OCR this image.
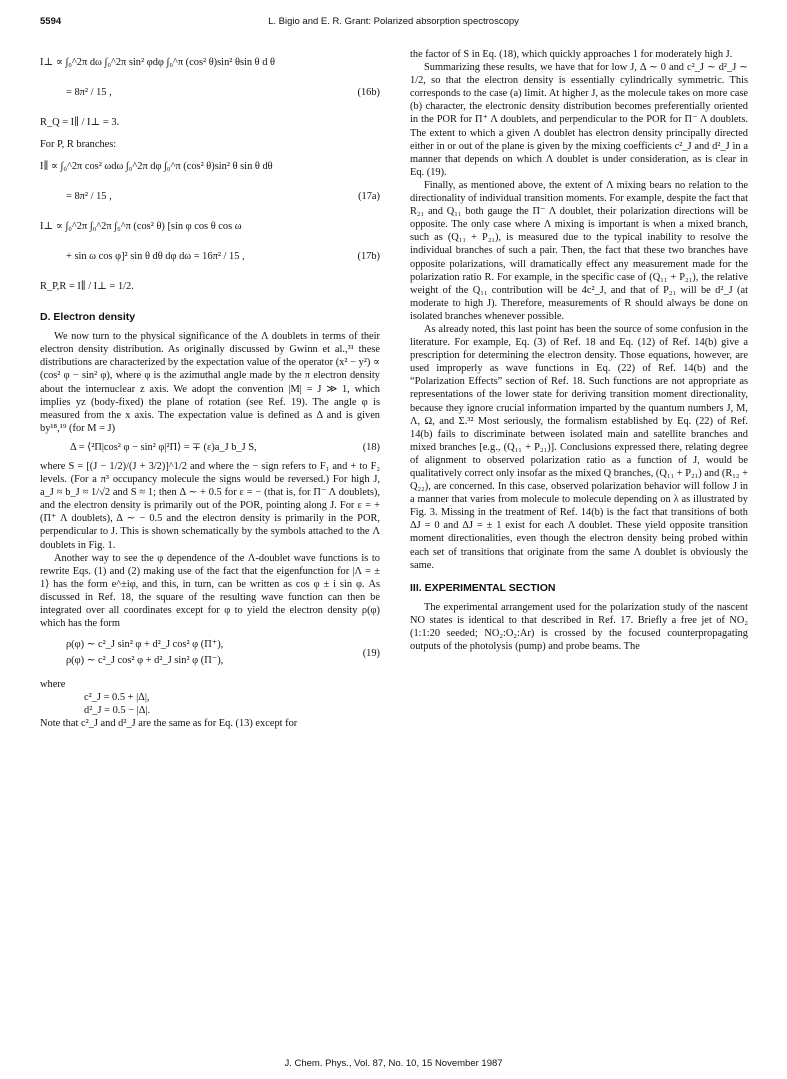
5594	L. Bigio and E. R. Grant: Polarized absorption spectroscopy
I⊥ ∝ ∫₀^2π dω ∫₀^2π sin² φdφ ∫₀^π (cos² θ)sin² θsin θ d θ
= 8π² / 15 ,	(16b)
R_Q = I∥ / I⊥ = 3.

For P, R branches:

I∥ ∝ ∫₀^2π cos² ωdω ∫₀^2π dφ ∫₀^π (cos² θ)sin² θ sin θ dθ
= 8π² / 15 ,	(17a)
I⊥ ∝ ∫₀^2π ∫₀^2π ∫₀^π (cos² θ) [sin φ cos θ cos ω
+ sin ω cos φ]² sin θ dθ dφ dω = 16π² / 15 ,	(17b)
R_P,R = I∥ / I⊥ = 1/2.
D. Electron density

We now turn to the physical significance of the Λ doublets in terms of their electron density distribution. As originally discussed by Gwinn et al.,³¹ these distributions are characterized by the expectation value of the operator (x² − y²) ∝ (cos² φ − sin² φ), where φ is the azimuthal angle made by the π electron density about the internuclear z axis. We adopt the convention |M| = J ≫ 1, which implies yz (body-fixed) the plane of rotation (see Ref. 19). The angle φ is measured from the x axis. The expectation value is defined as Δ and is given by¹⁸,¹⁹ (for M = J)

Δ = ⟨²Π|cos² φ − sin² φ|²Π⟩ = ∓ (ε)a_J b_J S,	(18)

where S = [(J − 1/2)/(J + 3/2)]^1/2 and where the − sign refers to F₁ and + to F₂ levels. (For a π³ occupancy molecule the signs would be reversed.) For high J, a_J ≈ b_J ≈ 1/√2 and S ≈ 1; then Δ ∼ + 0.5 for ε = − (that is, for Π⁻ Λ doublets), and the electron density is primarily out of the POR, pointing along J. For ε = + (Π⁺ Λ doublets), Δ ∼ − 0.5 and the electron density is primarily in the POR, perpendicular to J. This is shown schematically by the symbols attached to the Λ doublets in Fig. 1.

Another way to see the φ dependence of the Λ-doublet wave functions is to rewrite Eqs. (1) and (2) making use of the fact that the eigenfunction for |Λ = ± 1⟩ has the form e^±iφ, and this, in turn, can be written as cos φ ± i sin φ. As discussed in Ref. 18, the square of the resulting wave function can then be integrated over all coordinates except for φ to yield the electron density ρ(φ) which has the form

ρ(φ) ∼ c²_J sin² φ + d²_J cos² φ (Π⁺),
ρ(φ) ∼ c²_J cos² φ + d²_J sin² φ (Π⁻),
(19)

where

c²_J = 0.5 + |Δ|,
d²_J = 0.5 − |Δ|.

Note that c²_J and d²_J are the same as for Eq. (13) except for

the factor of S in Eq. (18), which quickly approaches 1 for moderately high J.

Summarizing these results, we have that for low J, Δ ∼ 0 and c²_J ∼ d²_J ∼ 1/2, so that the electron density is essentially cylindrically symmetric. This corresponds to the case (a) limit. At higher J, as the molecule takes on more case (b) character, the electronic density distribution becomes preferentially oriented in the POR for Π⁺ Λ doublets, and perpendicular to the POR for Π⁻ Λ doublets. The extent to which a given Λ doublet has electron density principally directed either in or out of the plane is given by the mixing coefficients c²_J and d²_J in a manner that depends on which Λ doublet is under consideration, as is clear in Eq. (19).

Finally, as mentioned above, the extent of Λ mixing bears no relation to the directionality of individual transition moments. For example, despite the fact that R₂₁ and Q₁₁ both gauge the Π⁻ Λ doublet, their polarization directions will be opposite. The only case where Λ mixing is important is when a mixed branch, such as (Q₁₁ + P₂₁), is measured due to the typical inability to resolve the individual branches of such a pair. Then, the fact that these two branches have opposite polarizations, will dramatically effect any measurement made for the polarization ratio R. For example, in the specific case of (Q₁₁ + P₂₁), the relative weight of the Q₁₁ contribution will be 4c²_J, and that of P₂₁ will be d²_J (at moderate to high J). Therefore, measurements of R should always be done on isolated branches whenever possible.

As already noted, this last point has been the source of some confusion in the literature. For example, Eq. (3) of Ref. 18 and Eq. (12) of Ref. 14(b) give a prescription for determining the electron density. Those equations, however, are used improperly as wave functions in Eq. (22) of Ref. 14(b) and the “Polarization Effects” section of Ref. 18. Such functions are not appropriate as representations of the lower state for deriving transition moment directionality, because they ignore crucial information imparted by the quantum numbers J, M, Λ, Ω, and Σ.³² Most seriously, the formalism established by Eq. (22) of Ref. 14(b) fails to discriminate between isolated main and satellite branches and mixed branches [e.g., (Q₁₁ + P₂₁)]. Conclusions expressed there, relating degree of alignment to observed polarization ratio as a function of J, would be qualitatively correct only insofar as the mixed Q branches, (Q₁₁ + P₂₁) and (R₁₂ + Q₂₂), are concerned. In this case, observed polarization behavior will follow J in a manner that varies from molecule to molecule depending on λ as illustrated by Fig. 3. Missing in the treatment of Ref. 14(b) is the fact that transitions of both ΔJ = 0 and ΔJ = ± 1 exist for each Λ doublet. These yield opposite transition moment directionalities, even though the electron density being probed within each set of transitions that originate from the same Λ doublet is obviously the same.

III. EXPERIMENTAL SECTION

The experimental arrangement used for the polarization study of the nascent NO states is identical to that described in Ref. 17. Briefly a free jet of NO₂ (1:1:20 seeded; NO₂:O₂:Ar) is crossed by the focused counterpropagating outputs of the photolysis (pump) and probe beams. The

J. Chem. Phys., Vol. 87, No. 10, 15 November 1987
